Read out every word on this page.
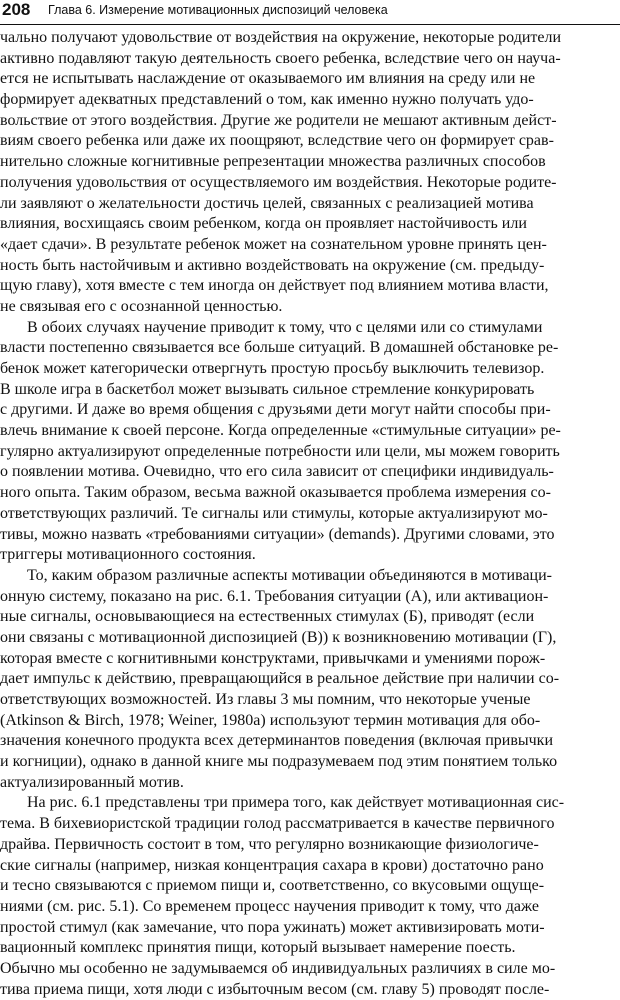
208 Глава 6. Измерение мотивационных диспозиций человека
чально получают удовольствие от воздействия на окружение, некоторые родители
активно подавляют такую деятельность своего ребенка, вследствие чего он науча-
ется не испытывать наслаждение от оказываемого им влияния на среду или не
формирует адекватных представлений о том, как именно нужно получать удо-
вольствие от этого воздействия. Другие же родители не мешают активным дейст-
виям своего ребенка или даже их поощряют, вследствие чего он формирует срав-
нительно сложные когнитивные репрезентации множества различных способов
получения удовольствия от осуществляемого им воздействия. Некоторые родите-
ли заявляют о желательности достичь целей, связанных с реализацией мотива
влияния, восхищаясь своим ребенком, когда он проявляет настойчивость или
«дает сдачи». В результате ребенок может на сознательном уровне принять цен-
ность быть настойчивым и активно воздействовать на окружение (см. предыду-
щую главу), хотя вместе с тем иногда он действует под влиянием мотива власти,
не связывая его с осознанной ценностью.
В обоих случаях научение приводит к тому, что с целями или со стимулами
власти постепенно связывается все больше ситуаций. В домашней обстановке ре-
бенок может категорически отвергнуть простую просьбу выключить телевизор.
В школе игра в баскетбол может вызывать сильное стремление конкурировать
с другими. И даже во время общения с друзьями дети могут найти способы при-
влечь внимание к своей персоне. Когда определенные «стимульные ситуации» ре-
гулярно актуализируют определенные потребности или цели, мы можем говорить
о появлении мотива. Очевидно, что его сила зависит от специфики индивидуаль-
ного опыта. Таким образом, весьма важной оказывается проблема измерения со-
ответствующих различий. Те сигналы или стимулы, которые актуализируют мо-
тивы, можно назвать «требованиями ситуации» (demands). Другими словами, это
триггеры мотивационного состояния.
То, каким образом различные аспекты мотивации объединяются в мотиваци-
онную систему, показано на рис. 6.1. Требования ситуации (А), или активацион-
ные сигналы, основывающиеся на естественных стимулах (Б), приводят (если
они связаны с мотивационной диспозицией (В)) к возникновению мотивации (Г),
которая вместе с когнитивными конструктами, привычками и умениями порож-
дает импульс к действию, превращающийся в реальное действие при наличии со-
ответствующих возможностей. Из главы 3 мы помним, что некоторые ученые
(Atkinson & Birch, 1978; Weiner, 1980a) используют термин мотивация для обо-
значения конечного продукта всех детерминантов поведения (включая привычки
и когниции), однако в данной книге мы подразумеваем под этим понятием только
актуализированный мотив.
На рис. 6.1 представлены три примера того, как действует мотивационная сис-
тема. В бихевиористской традиции голод рассматривается в качестве первичного
драйва. Первичность состоит в том, что регулярно возникающие физиологиче-
ские сигналы (например, низкая концентрация сахара в крови) достаточно рано
и тесно связываются с приемом пищи и, соответственно, со вкусовыми ощуще-
ниями (см. рис. 5.1). Со временем процесс научения приводит к тому, что даже
простой стимул (как замечание, что пора ужинать) может активизировать моти-
вационный комплекс принятия пищи, который вызывает намерение поесть.
Обычно мы особенно не задумываемся об индивидуальных различиях в силе мо-
тива приема пищи, хотя люди с избыточным весом (см. главу 5) проводят после-
